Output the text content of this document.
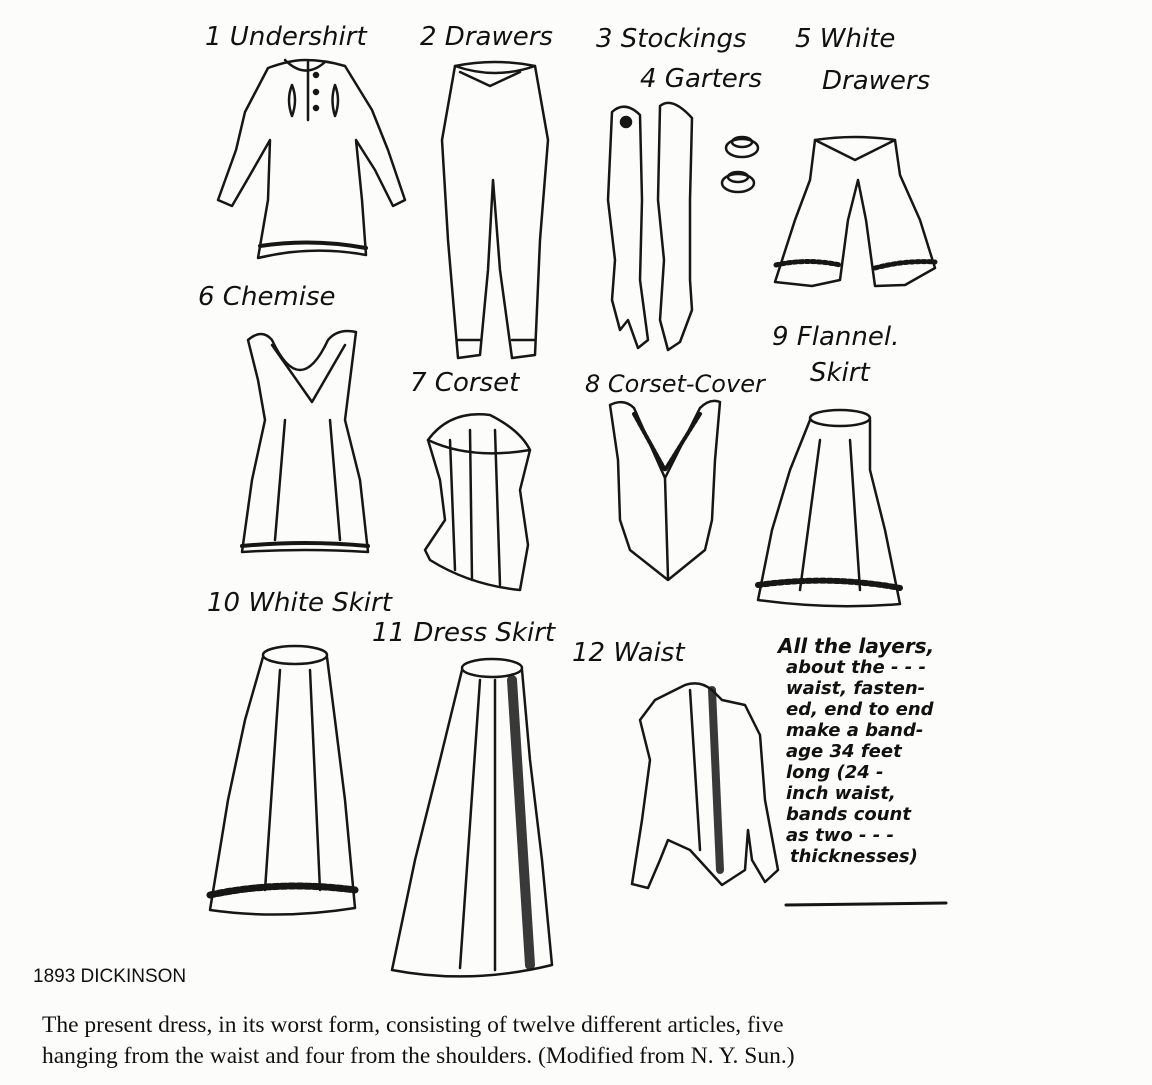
1 Undershirt 2 Drawers 3 Stockings
4 Garters
5 White
Drawers
6 Chemise
7 Corset	8 Corset-Cover
9 Flannel.
Skirt
10 White Skirt
11 Dress Skirt
12 Waist	All the layers,
about the - - -
waist, fasten-
ed, end to end
make a band-
age 34 feet
long (24 -
inch waist,
bands count
as two - - -
thicknesses)
1893 DICKINSON
The present dress, in its worst form, consisting of twelve different articles, five
hanging from the waist and four from the shoulders. (Modified from N. Y. Sun.)
